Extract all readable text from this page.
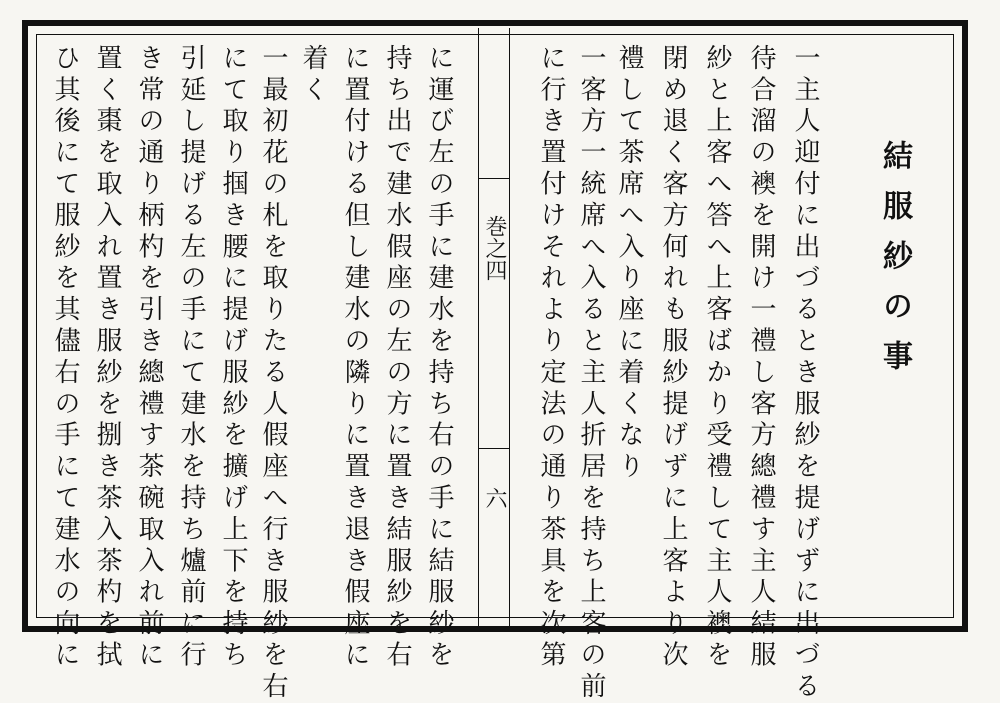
結服紗の事
一主人迎付に出づるとき服紗を提げずに出づる
待合溜の襖を開け一禮し客方總禮す主人結服
紗と上客へ答へ上客ばかり受禮して主人襖を
閉め退く客方何れも服紗提げずに上客より次
禮して茶席へ入り座に着くなり
一客方一統席へ入ると主人折居を持ち上客の前
に行き置付けそれより定法の通り茶具を次第
巻之四
六
に運び左の手に建水を持ち右の手に結服紗を
持ち出で建水假座の左の方に置き結服紗を右
に置付ける但し建水の隣りに置き退き假座に
着く
一最初花の札を取りたる人假座へ行き服紗を右
にて取り掴き腰に提げ服紗を擴げ上下を持ち
引延し提げる左の手にて建水を持ち爐前に行
き常の通り柄杓を引き總禮す茶碗取入れ前に
置く棗を取入れ置き服紗を捌き茶入茶杓を拭
ひ其後にて服紗を其儘右の手にて建水の向に
